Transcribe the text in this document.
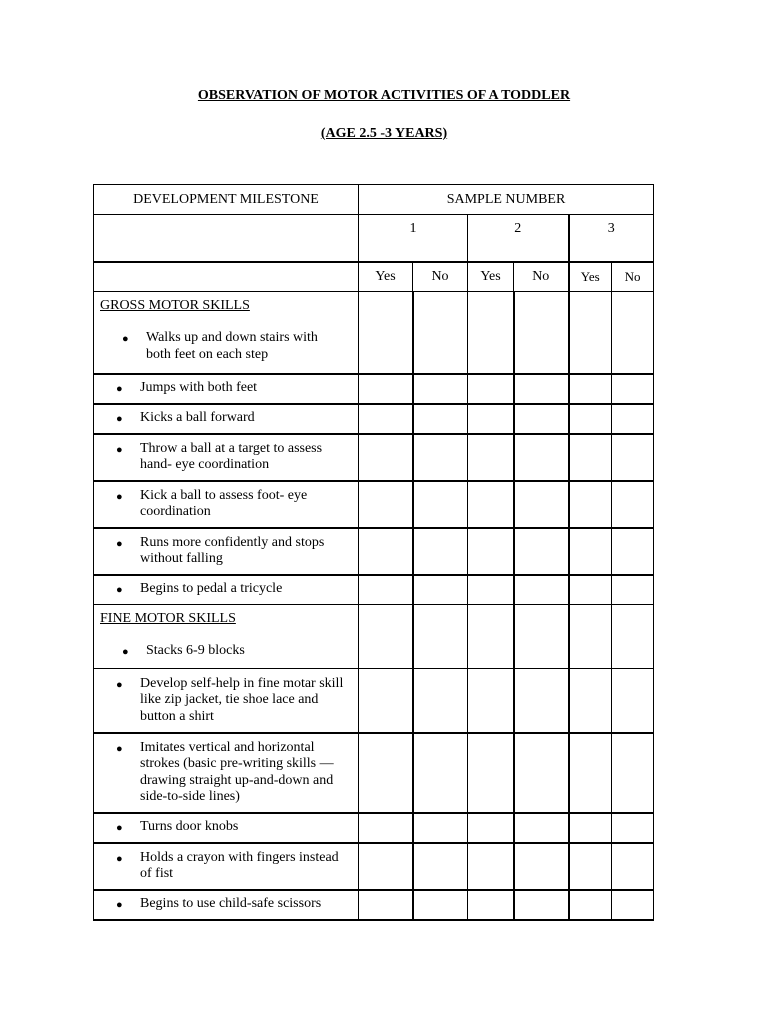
OBSERVATION OF MOTOR ACTIVITIES OF A TODDLER
(AGE 2.5 -3 YEARS)
DEVELOPMENT MILESTONE	SAMPLE NUMBER					
	1		2		3	
	Yes	No	Yes	No	Yes	No

GROSS MOTOR SKILLS
● Walks up and down stairs with both feet on each step						

● Jumps with both feet						

● Kicks a ball forward						

● Throw a ball at a target to assess hand- eye coordination						

● Kick a ball to assess foot- eye coordination						

● Runs more confidently and stops without falling						

● Begins to pedal a tricycle						

FINE MOTOR SKILLS
● Stacks 6-9 blocks						

● Develop self-help in fine motar skill like zip jacket, tie shoe lace and button a shirt						

● Imitates vertical and horizontal strokes (basic pre-writing skills — drawing straight up-and-down and side-to-side lines)						

● Turns door knobs						

● Holds a crayon with fingers instead of fist						

● Begins to use child-safe scissors						
